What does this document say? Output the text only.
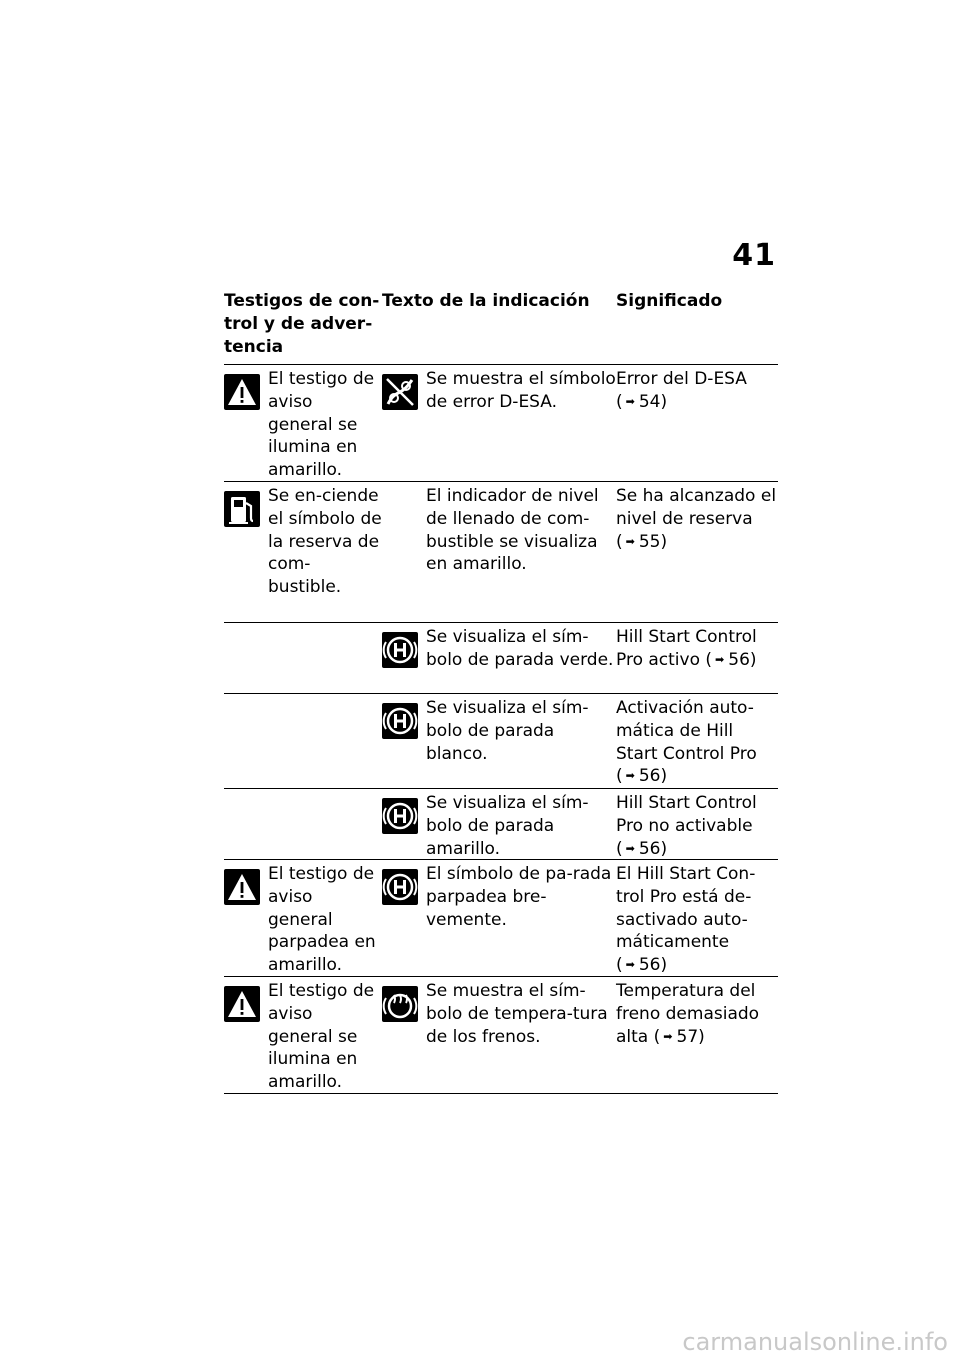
41
Testigos de con-trol y de adver-tencia
Texto de la indicación	Significado
El testigo de aviso general se ilumina en amarillo.
Se muestra el símbolo de error D-ESA.
Error del D-ESA ( ➡ 54)
Se en-ciende el símbolo de la reserva de com-bustible.
El indicador de nivel de llenado de com-bustible se visualiza en amarillo.
Se ha alcanzado el nivel de reserva ( ➡ 55)
Se visualiza el sím-bolo de parada verde.
Hill Start Control Pro activo ( ➡ 56)
Se visualiza el sím-bolo de parada blanco.
Activación auto-mática de Hill Start Control Pro ( ➡ 56)
Se visualiza el sím-bolo de parada amarillo.
Hill Start Control Pro no activable ( ➡ 56)
El testigo de aviso general parpadea en amarillo.
El símbolo de pa-rada parpadea bre-vemente.
El Hill Start Con-trol Pro está de-sactivado auto-máticamente ( ➡ 56)
El testigo de aviso general se ilumina en amarillo.
Se muestra el sím-bolo de tempera-tura de los frenos.
Temperatura del freno demasiado alta ( ➡ 57)
carmanualsonline.info
